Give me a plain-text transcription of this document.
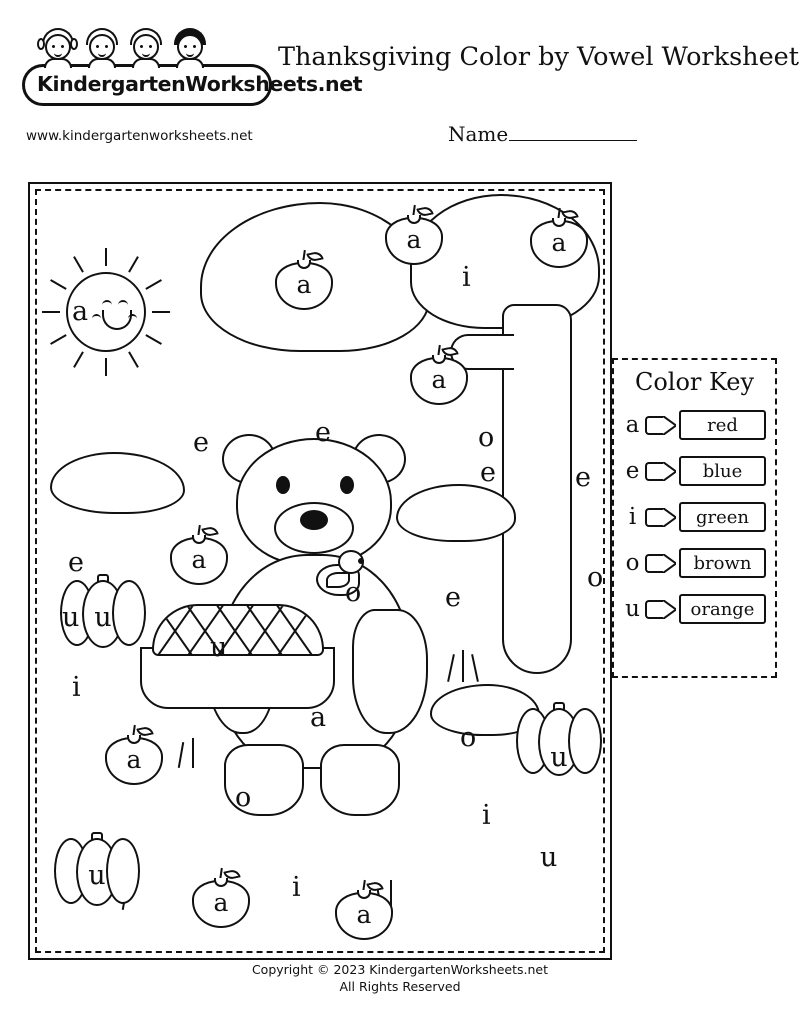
KindergartenWorksheets.net
www.kindergartenworksheets.net
Thanksgiving Color by Vowel Worksheet
Name
a
u
u
u
a
a	a
a
a
a
a	a
i
e	e	o
e	e
o
e
u
i
o	e
u
a
o
o
i
u
i
Color Key
a	red
e	blue
i	green
o	brown
u	orange
Copyright © 2023 KindergartenWorksheets.net
All Rights Reserved
